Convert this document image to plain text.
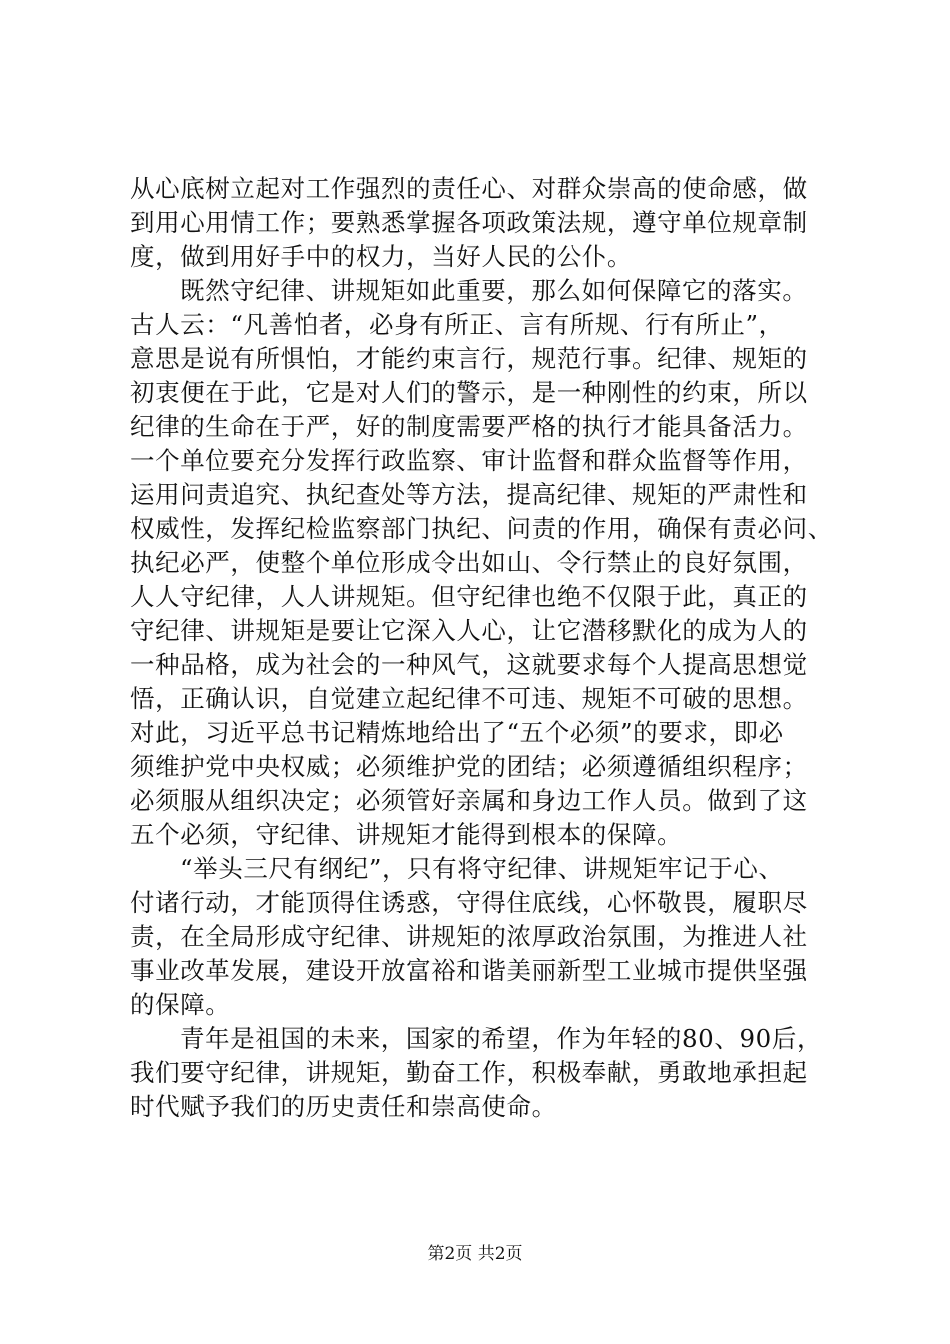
从心底树立起对工作强烈的责任心、对群众崇高的使命感，做
到用心用情工作；要熟悉掌握各项政策法规，遵守单位规章制
度，做到用好手中的权力，当好人民的公仆。
既然守纪律、讲规矩如此重要，那么如何保障它的落实。
古人云：“凡善怕者，必身有所正、言有所规、行有所止”，
意思是说有所惧怕，才能约束言行，规范行事。纪律、规矩的
初衷便在于此，它是对人们的警示，是一种刚性的约束，所以
纪律的生命在于严，好的制度需要严格的执行才能具备活力。
一个单位要充分发挥行政监察、审计监督和群众监督等作用，
运用问责追究、执纪查处等方法，提高纪律、规矩的严肃性和
权威性，发挥纪检监察部门执纪、问责的作用，确保有责必问、
执纪必严，使整个单位形成令出如山、令行禁止的良好氛围，
人人守纪律，人人讲规矩。但守纪律也绝不仅限于此，真正的
守纪律、讲规矩是要让它深入人心，让它潜移默化的成为人的
一种品格，成为社会的一种风气，这就要求每个人提高思想觉
悟，正确认识，自觉建立起纪律不可违、规矩不可破的思想。
对此，习近平总书记精炼地给出了“五个必须”的要求，即必
须维护党中央权威；必须维护党的团结；必须遵循组织程序；
必须服从组织决定；必须管好亲属和身边工作人员。做到了这
五个必须，守纪律、讲规矩才能得到根本的保障。
“举头三尺有纲纪”，只有将守纪律、讲规矩牢记于心、
付诸行动，才能顶得住诱惑，守得住底线，心怀敬畏，履职尽
责，在全局形成守纪律、讲规矩的浓厚政治氛围，为推进人社
事业改革发展，建设开放富裕和谐美丽新型工业城市提供坚强
的保障。
青年是祖国的未来，国家的希望，作为年轻的80、90后，
我们要守纪律，讲规矩，勤奋工作，积极奉献，勇敢地承担起
时代赋予我们的历史责任和崇高使命。
第2页 共2页
